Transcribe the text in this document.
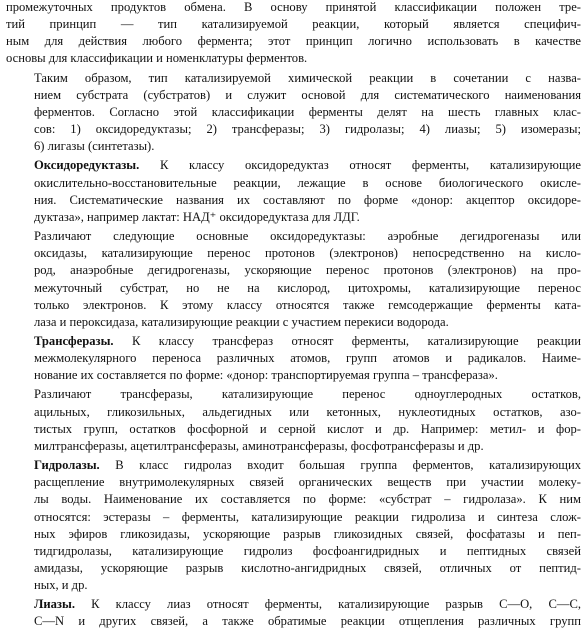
промежуточных продуктов обмена. В основу принятой классификации положен тре-
тий принцип — тип катализируемой реакции, который является специфич-
ным для действия любого фермента; этот принцип логично использовать в качестве
основы для классификации и номенклатуры ферментов.

Таким образом, тип катализируемой химической реакции в сочетании с назва-
нием субстрата (субстратов) и служит основой для систематического наименования
ферментов. Согласно этой классификации ферменты делят на шесть главных клас-
сов: 1) оксидоредуктазы; 2) трансферазы; 3) гидролазы; 4) лиазы; 5) изомеразы;
6) лигазы (синтетазы).

Оксидоредуктазы. К классу оксидоредуктаз относят ферменты, катализирующие
окислительно-восстановительные реакции, лежащие в основе биологического окисле-
ния. Систематические названия их составляют по форме «донор: акцептор оксидоре-
дуктаза», например лактат: НАД⁺ оксидоредуктаза для ЛДГ.

Различают следующие основные оксидоредуктазы: аэробные дегидрогеназы или
оксидазы, катализирующие перенос протонов (электронов) непосредственно на кисло-
род, анаэробные дегидрогеназы, ускоряющие перенос протонов (электронов) на про-
межуточный субстрат, но не на кислород, цитохромы, катализирующие перенос
только электронов. К этому классу относятся также гемсодержащие ферменты ката-
лаза и пероксидаза, катализирующие реакции с участием перекиси водорода.

Трансферазы. К классу трансфераз относят ферменты, катализирующие реакции
межмолекулярного переноса различных атомов, групп атомов и радикалов. Наиме-
нование их составляется по форме: «донор: транспортируемая группа – трансфераза».

Различают трансферазы, катализирующие перенос одноуглеродных остатков,
ацильных, гликозильных, альдегидных или кетонных, нуклеотидных остатков, азо-
тистых групп, остатков фосфорной и серной кислот и др. Например: метил- и фор-
милтрансферазы, ацетилтрансферазы, аминотрансферазы, фосфотрансферазы и др.

Гидролазы. В класс гидролаз входит большая группа ферментов, катализирующих
расщепление внутримолекулярных связей органических веществ при участии молеку-
лы воды. Наименование их составляется по форме: «субстрат – гидролаза». К ним
относятся: эстеразы – ферменты, катализирующие реакции гидролиза и синтеза слож-
ных эфиров гликозидазы, ускоряющие разрыв гликозидных связей, фосфатазы и пеп-
тидгидролазы, катализирующие гидролиз фосфоангидридных и пептидных связей
амидазы, ускоряющие разрыв кислотно-ангидридных связей, отличных от пептид-
ных, и др.

Лиазы. К классу лиаз относят ферменты, катализирующие разрыв С—О, С—С,
С—N и других связей, а также обратимые реакции отщепления различных групп
